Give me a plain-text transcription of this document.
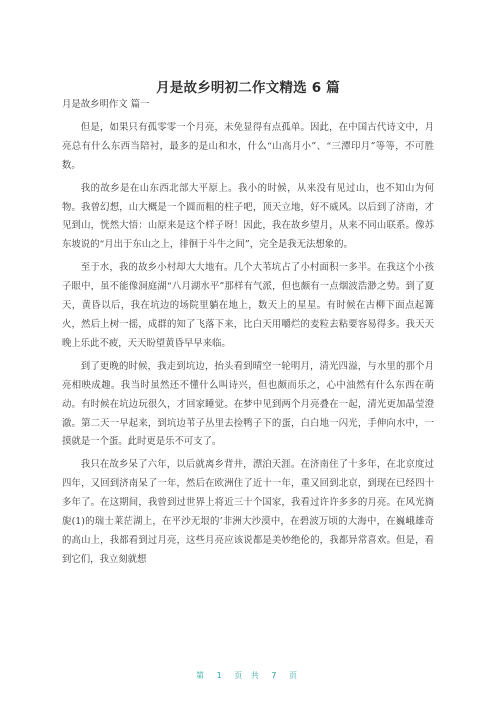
月是故乡明初二作文精选 6 篇

月是故乡明作文 篇一

但是，如果只有孤零零一个月亮，未免显得有点孤单。因此，在中国古代诗文中，月亮总有什么东西当陪衬，最多的是山和水，什么“山高月小”、“三潭印月”等等，不可胜数。

我的故乡是在山东西北部大平原上。我小的时候，从来没有见过山，也不知山为何物。我曾幻想，山大概是一个圆而粗的柱子吧，顶天立地，好不威风。以后到了济南，才见到山，恍然大悟：山原来是这个样子呀！因此，我在故乡望月，从来不同山联系。像苏东坡说的“月出于东山之上，徘徊于斗牛之间”，完全是我无法想象的。

至于水，我的故乡小村却大大地有。几个大苇坑占了小村面积一多半。在我这个小孩子眼中，虽不能像洞庭湖“八月湖水平”那样有气派，但也颇有一点烟波浩渺之势。到了夏天，黄昏以后，我在坑边的场院里躺在地上，数天上的星星。有时候在古柳下面点起篝火，然后上树一摇，成群的知了飞落下来，比白天用嚼烂的麦粒去粘要容易得多。我天天晚上乐此不疲，天天盼望黄昏早早来临。

到了更晚的时候，我走到坑边，抬头看到晴空一轮明月，清光四溢，与水里的那个月亮相映成趣。我当时虽然还不懂什么叫诗兴，但也颇而乐之，心中油然有什么东西在萌动。有时候在坑边玩很久，才回家睡觉。在梦中见到两个月亮叠在一起，清光更加晶莹澄澈。第二天一早起来，到坑边苇子丛里去捡鸭子下的蛋，白白地一闪光，手伸向水中，一摸就是一个蛋。此时更是乐不可支了。

我只在故乡呆了六年，以后就离乡背井，漂泊天涯。在济南住了十多年，在北京度过四年，又回到济南呆了一年，然后在欧洲住了近十一年，重又回到北京，到现在已经四十多年了。在这期间，我曾到过世界上将近三十个国家，我看过许许多多的月亮。在风光旖旎(1)的瑞士莱茫湖上，在平沙无垠的’非洲大沙漠中，在碧波万顷的大海中，在巍峨雄奇的高山上，我都看到过月亮，这些月亮应该说都是美妙绝伦的，我都异常喜欢。但是，看到它们，我立刻就想

第 1 页 共 7 页
